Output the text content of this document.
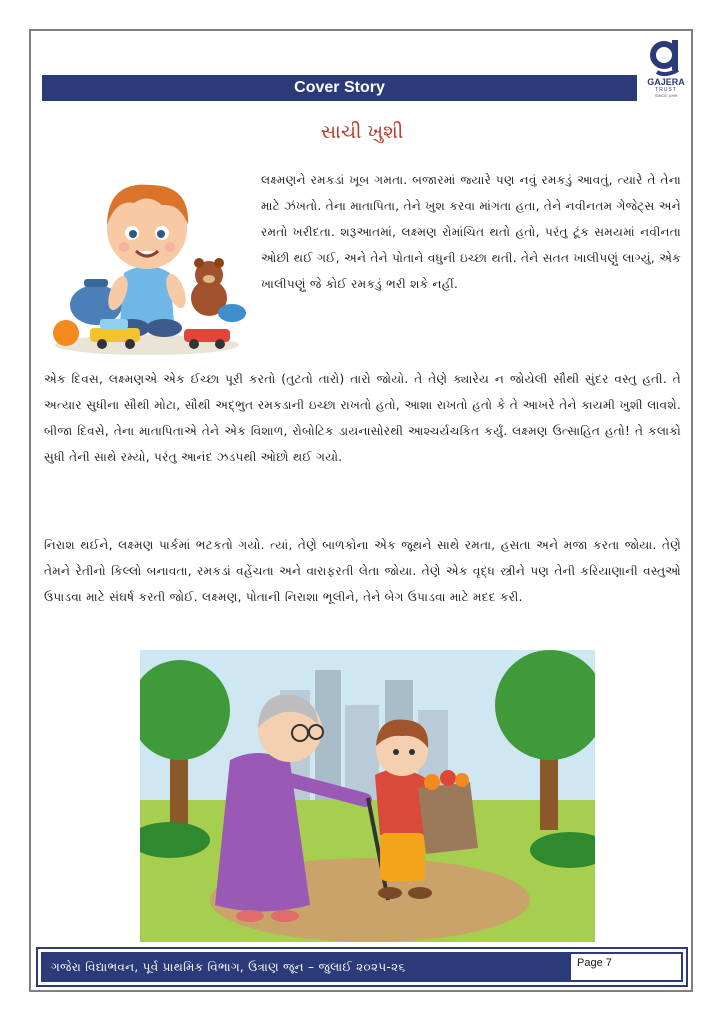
GAJERA
TRUST
SINCE 1999
Cover Story
સાચી ખુશી

લક્ષ્મણને રમકડાં ખૂબ ગમતા. બજારમાં જ્યારે પણ નવું રમકડું આવતું, ત્યારે તે તેના માટે ઝંખતો. તેના માતાપિતા, તેને ખુશ કરવા માંગતા હતા, તેને નવીનતમ ગેજેટ્સ અને રમતો ખરીદતા. શરૂઆતમાં, લક્ષ્મણ રોમાંચિત થતો હતો, પરંતુ ટૂંક સમયમાં નવીનતા ઓછી થઈ ગઈ, અને તેને પોતાને વધુની ઇચ્છા થતી. તેને સતત ખાલીપણું લાગ્યું, એક ખાલીપણું જે કોઈ રમકડું ભરી શકે નહીં.

એક દિવસ, લક્ષ્મણએ એક ઈચ્છા પૂરી કરતો (તુટતો તારો) તારો જોયો. તે તેણે ક્યારેય ન જોયેલી સૌથી સુંદર વસ્તુ હતી. તે અત્યાર સુધીના સૌથી મોટા, સૌથી અદ્ભુત રમકડાની ઇચ્છા રાખતો હતો, આશા રાખતો હતો કે તે આખરે તેને કાયમી ખુશી લાવશે. બીજા દિવસે, તેના માતાપિતાએ તેને એક વિશાળ, રોબોટિક ડાયનાસોરથી આશ્ચર્યચકિત કર્યું. લક્ષ્મણ ઉત્સાહિત હતો! તે કલાકો સુધી તેની સાથે રમ્યો, પરંતુ આનંદ ઝડપથી ઓછો થઈ ગયો.

નિરાશ થઈને, લક્ષ્મણ પાર્કમાં ભટકતો ગયો. ત્યાં, તેણે બાળકોના એક જૂથને સાથે રમતા, હસતા અને મજા કરતા જોયા. તેણે તેમને રેતીનો કિલ્લો બનાવતા, રમકડાં વહેંચતા અને વારાફરતી લેતા જોયા. તેણે એક વૃદ્ધ સ્ત્રીને પણ તેની કરિયાણાની વસ્તુઓ ઉપાડવા માટે સંઘર્ષ કરતી જોઈ. લક્ષ્મણ, પોતાની નિરાશા ભૂલીને, તેને બેગ ઉપાડવા માટે મદદ કરી.

ગજેરા વિદ્યાભવન, પૂર્વ પ્રાથમિક વિભાગ, ઉત્રાણ જૂન – જુલાઈ ૨૦૨૫-૨૬	Page 7
